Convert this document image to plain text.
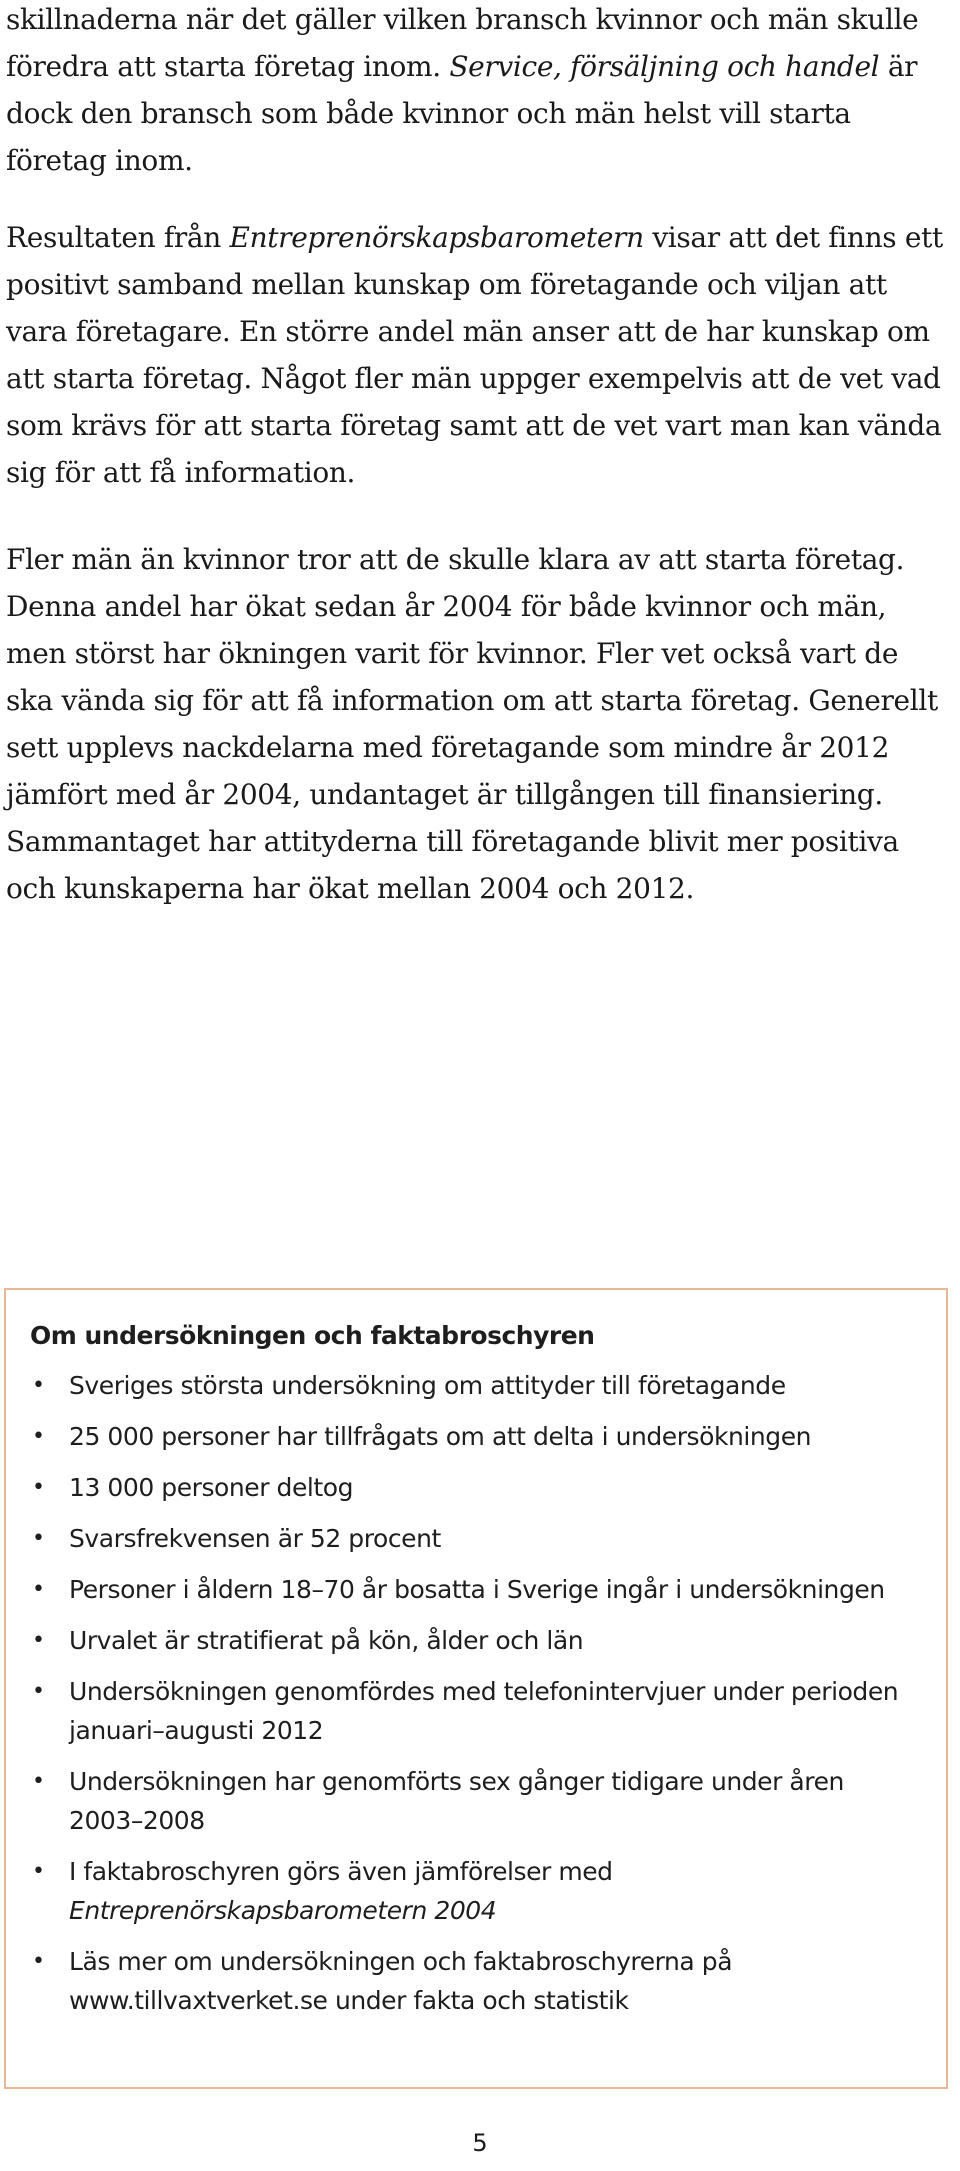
skillnaderna när det gäller vilken bransch kvinnor och män skulle föredra att starta företag inom. Service, försäljning och handel är dock den bransch som både kvinnor och män helst vill starta företag inom.

Resultaten från Entreprenörskapsbarometern visar att det finns ett positivt samband mellan kunskap om företagande och viljan att vara företagare. En större andel män anser att de har kunskap om att starta företag. Något fler män uppger exempelvis att de vet vad som krävs för att starta företag samt att de vet vart man kan vända sig för att få information.

Fler män än kvinnor tror att de skulle klara av att starta företag. Denna andel har ökat sedan år 2004 för både kvinnor och män, men störst har ökningen varit för kvinnor. Fler vet också vart de ska vända sig för att få information om att starta företag. Generellt sett upplevs nackdelarna med företagande som mindre år 2012 jämfört med år 2004, undantaget är tillgången till finansiering. Sammantaget har attityderna till företagande blivit mer positiva och kunskaperna har ökat mellan 2004 och 2012.

Om undersökningen och faktabroschyren
• Sveriges största undersökning om attityder till företagande
• 25 000 personer har tillfrågats om att delta i undersökningen
• 13 000 personer deltog
• Svarsfrekvensen är 52 procent
• Personer i åldern 18–70 år bosatta i Sverige ingår i undersökningen
• Urvalet är stratifierat på kön, ålder och län
• Undersökningen genomfördes med telefonintervjuer under perioden januari–augusti 2012
• Undersökningen har genomförts sex gånger tidigare under åren 2003–2008
• I faktabroschyren görs även jämförelser med Entreprenörskapsbarometern 2004
• Läs mer om undersökningen och faktabroschyrerna på www.tillvaxtverket.se under fakta och statistik
5
